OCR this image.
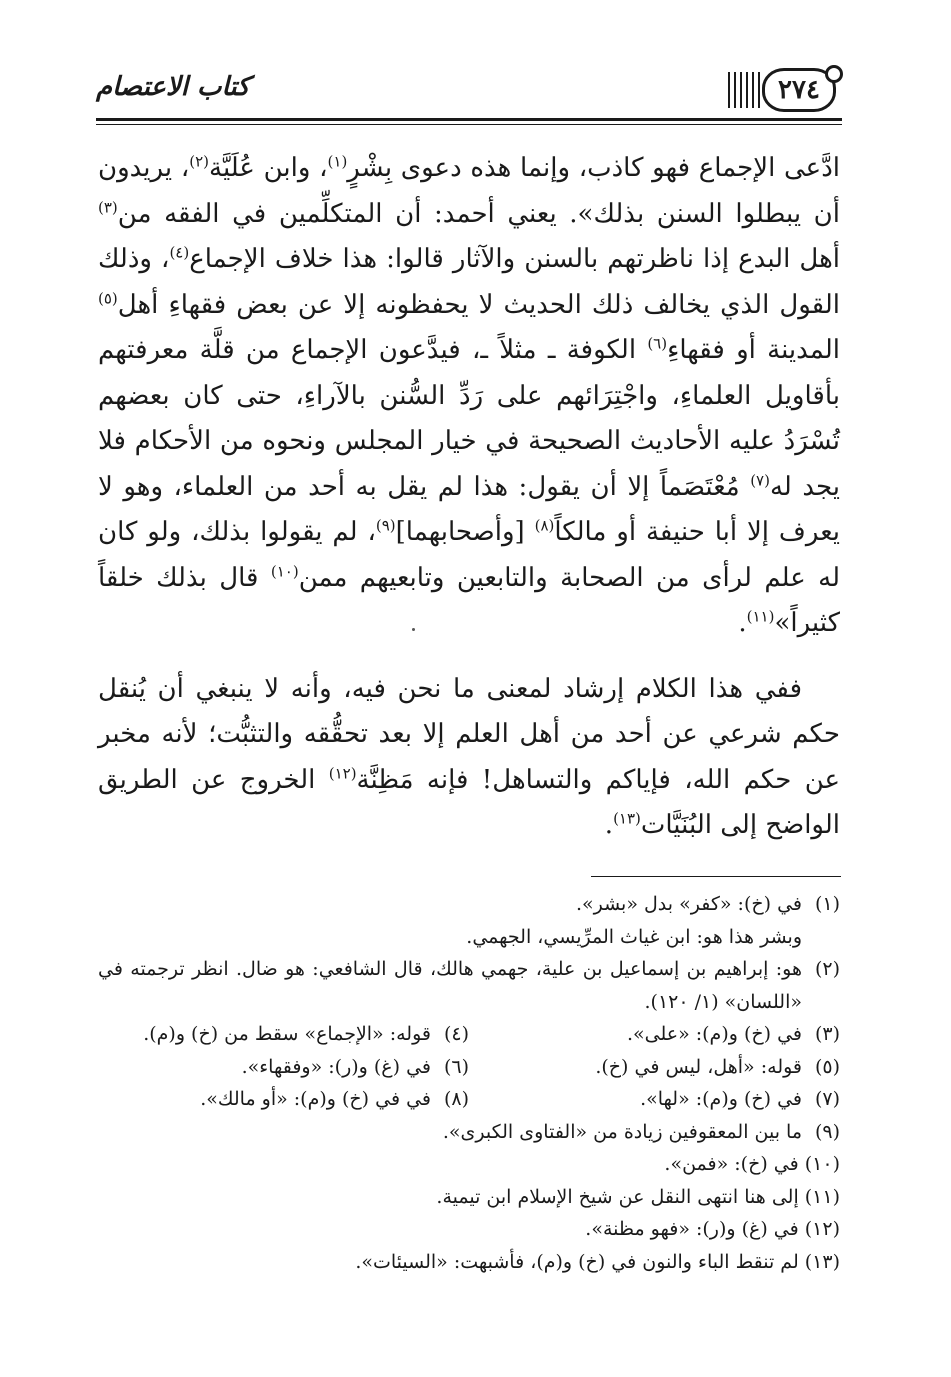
كتاب الاعتصام	٢٧٤

ادَّعى الإجماع فهو كاذب، وإنما هذه دعوى بِشْرٍ$^{(١)}$، وابن عُلَيَّة$^{(٢)}$، يريدون أن يبطلوا السنن بذلك». يعني أحمد: أن المتكلِّمين في الفقه من$^{(٣)}$ أهل البدع إذا ناظرتهم بالسنن والآثار قالوا: هذا خلاف الإجماع$^{(٤)}$، وذلك القول الذي يخالف ذلك الحديث لا يحفظونه إلا عن بعض فقهاءِ أهل$^{(٥)}$ المدينة أو فقهاءِ$^{(٦)}$ الكوفة ـ مثلاً ـ، فيدَّعون الإجماع من قلَّة معرفتهم بأقاويل العلماءِ، واجْتِرَائهم على رَدِّ السُّنن بالآراءِ، حتى كان بعضهم تُسْرَدُ عليه الأحاديث الصحيحة في خيار المجلس ونحوه من الأحكام فلا يجد له$^{(٧)}$ مُعْتَصَماً إلا أن يقول: هذا لم يقل به أحد من العلماء، وهو لا يعرف إلا أبا حنيفة أو مالكاً$^{(٨)}$ [وأصحابهما]$^{(٩)}$، لم يقولوا بذلك، ولو كان له علم لرأى من الصحابة والتابعين وتابعيهم ممن$^{(١٠)}$ قال بذلك خلقاً كثيراً»$^{(١١)}$.

ففي هذا الكلام إرشاد لمعنى ما نحن فيه، وأنه لا ينبغي أن يُنقل حكم شرعي عن أحد من أهل العلم إلا بعد تحقُّقه والتثبُّت؛ لأنه مخبر عن حكم الله، فإياكم والتساهل! فإنه مَظِنَّة$^{(١٢)}$ الخروج عن الطريق الواضح إلى البُنَيَّات$^{(١٣)}$.

(١)
في (خ): «كفر» بدل «بشر».
وبشر هذا هو: ابن غياث المرِّيسي، الجهمي.
(٢)
هو: إبراهيم بن إسماعيل بن علية، جهمي هالك، قال الشافعي: هو ضال. انظر ترجمته في «اللسان» (١/ ١٢٠).
(٣)
في (خ) و(م): «على».
(٤)
قوله: «الإجماع» سقط من (خ) و(م).
(٥)
قوله: «أهل، ليس في (خ).
(٦)
في (غ) و(ر): «وفقهاء».
(٧)
في (خ) و(م): «لها».
(٨)
في في (خ) و(م): «أو مالك».
(٩)
ما بين المعقوفين زيادة من «الفتاوى الكبرى».
(١٠)
في (خ): «فمن».
(١١)
إلى هنا انتهى النقل عن شيخ الإسلام ابن تيمية.
(١٢)
في (غ) و(ر): «فهو مظنة».
(١٣)
لم تنقط الباء والنون في (خ) و(م)، فأشبهت: «السيئات».
